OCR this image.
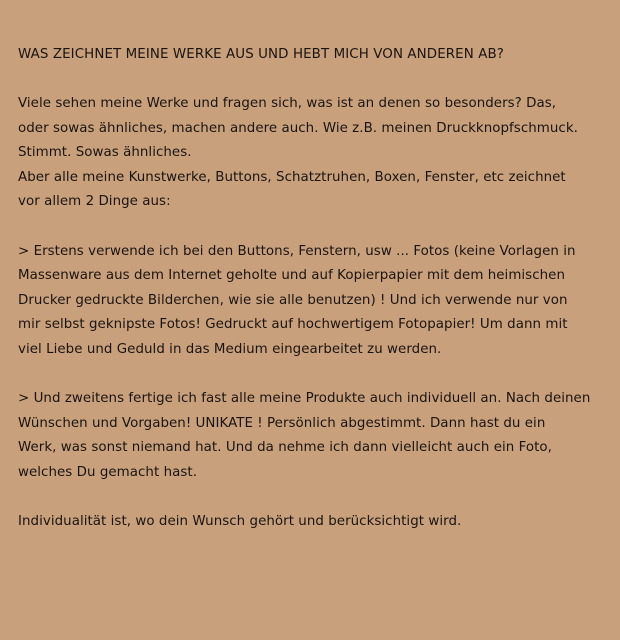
WAS ZEICHNET MEINE WERKE AUS UND HEBT MICH VON ANDEREN AB?
Viele sehen meine Werke und fragen sich, was ist an denen so besonders? Das,
oder sowas ähnliches, machen andere auch. Wie z.B. meinen Druckknopfschmuck.
Stimmt. Sowas ähnliches.
Aber alle meine Kunstwerke, Buttons, Schatztruhen, Boxen, Fenster, etc zeichnet
vor allem 2 Dinge aus:
> Erstens verwende ich bei den Buttons, Fenstern, usw ... Fotos (keine Vorlagen in
Massenware aus dem Internet geholte und auf Kopierpapier mit dem heimischen
Drucker gedruckte Bilderchen, wie sie alle benutzen) ! Und ich verwende nur von
mir selbst geknipste Fotos! Gedruckt auf hochwertigem Fotopapier! Um dann mit
viel Liebe und Geduld in das Medium eingearbeitet zu werden.
> Und zweitens fertige ich fast alle meine Produkte auch individuell an. Nach deinen
Wünschen und Vorgaben! UNIKATE ! Persönlich abgestimmt. Dann hast du ein
Werk, was sonst niemand hat. Und da nehme ich dann vielleicht auch ein Foto,
welches Du gemacht hast.
Individualität ist, wo dein Wunsch gehört und berücksichtigt wird.
